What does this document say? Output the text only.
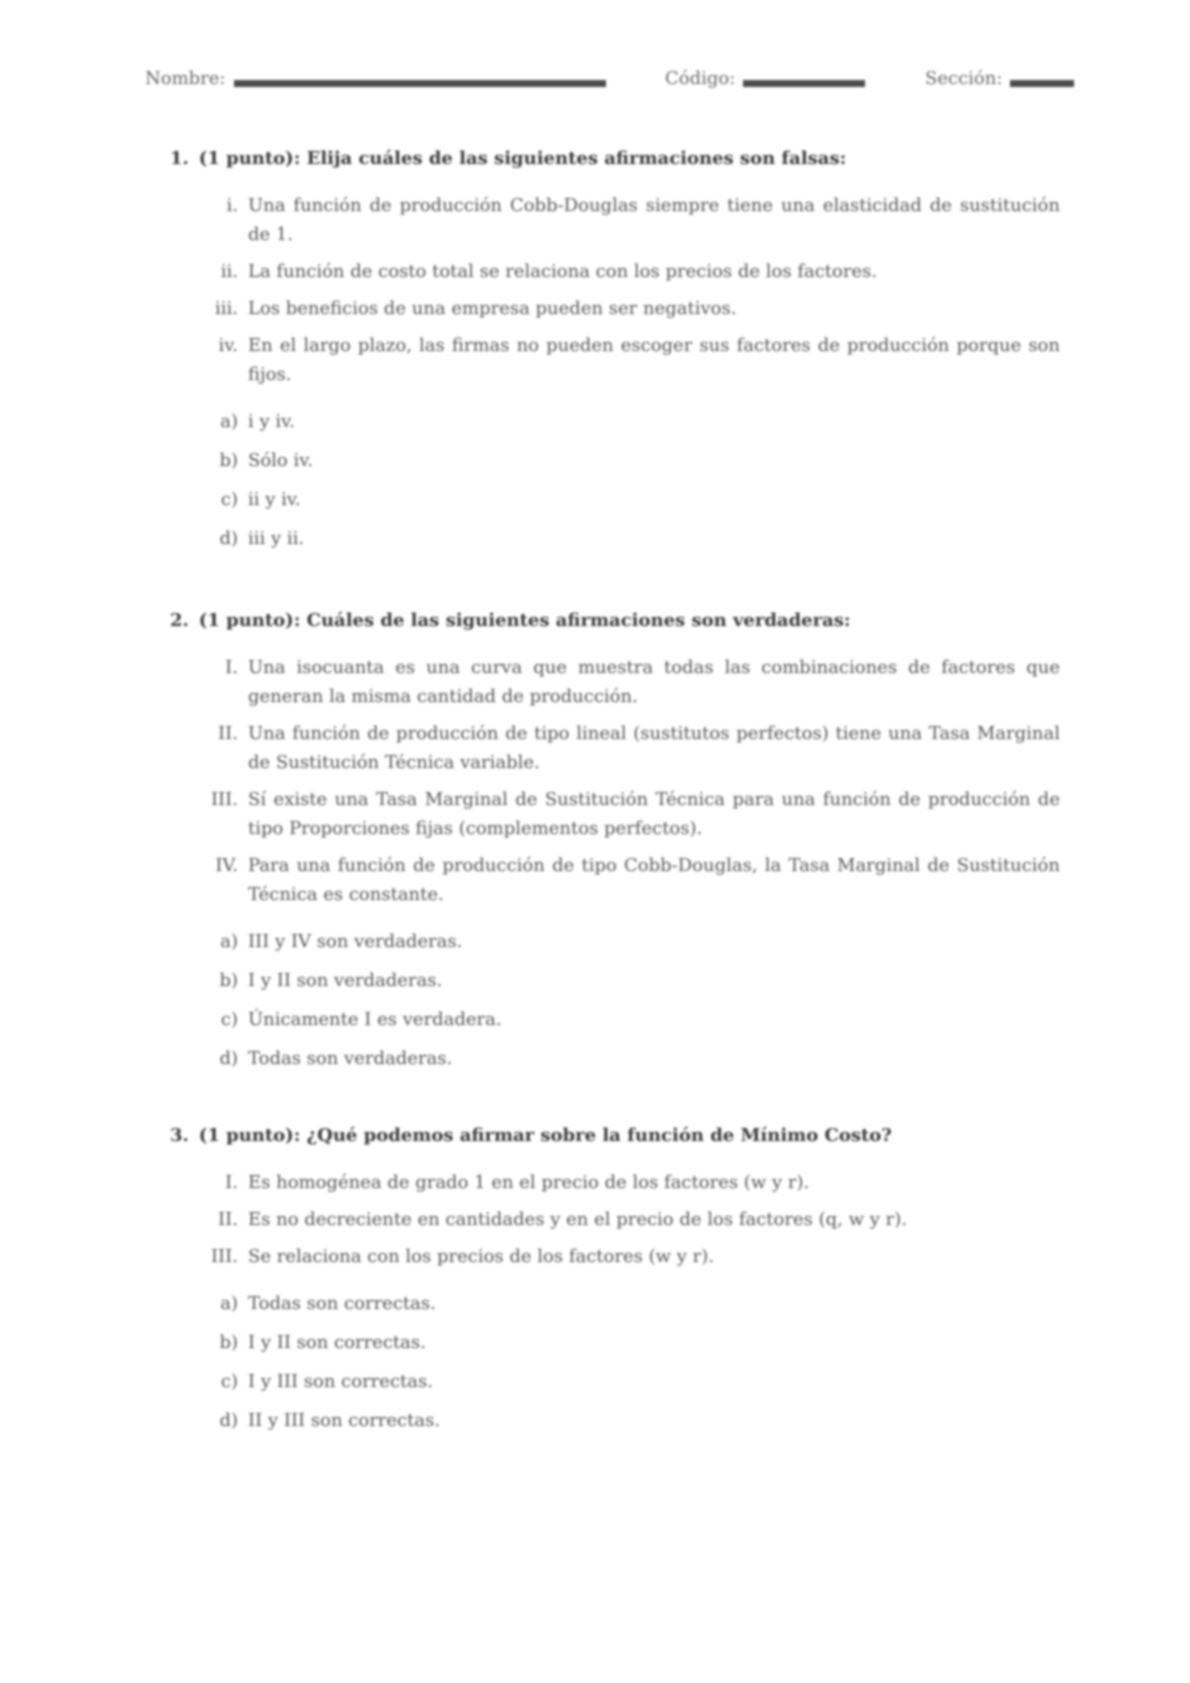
Nombre:	Código:	Sección:
1. (1 punto): Elija cuáles de las siguientes afirmaciones son falsas:
i. Una función de producción Cobb-Douglas siempre tiene una elasticidad de sustitución de 1.
ii. La función de costo total se relaciona con los precios de los factores.
iii. Los beneficios de una empresa pueden ser negativos.
iv. En el largo plazo, las firmas no pueden escoger sus factores de producción porque son fijos.
a) i y iv.
b) Sólo iv.
c) ii y iv.
d) iii y ii.
2. (1 punto): Cuáles de las siguientes afirmaciones son verdaderas:
I. Una isocuanta es una curva que muestra todas las combinaciones de factores que generan la misma cantidad de producción.
II. Una función de producción de tipo lineal (sustitutos perfectos) tiene una Tasa Marginal de Sustitución Técnica variable.
III. Sí existe una Tasa Marginal de Sustitución Técnica para una función de producción de tipo Proporciones fijas (complementos perfectos).
IV. Para una función de producción de tipo Cobb-Douglas, la Tasa Marginal de Sustitución Técnica es constante.
a) III y IV son verdaderas.
b) I y II son verdaderas.
c) Únicamente I es verdadera.
d) Todas son verdaderas.
3. (1 punto): ¿Qué podemos afirmar sobre la función de Mínimo Costo?
I. Es homogénea de grado 1 en el precio de los factores (w y r).
II. Es no decreciente en cantidades y en el precio de los factores (q, w y r).
III. Se relaciona con los precios de los factores (w y r).
a) Todas son correctas.
b) I y II son correctas.
c) I y III son correctas.
d) II y III son correctas.
